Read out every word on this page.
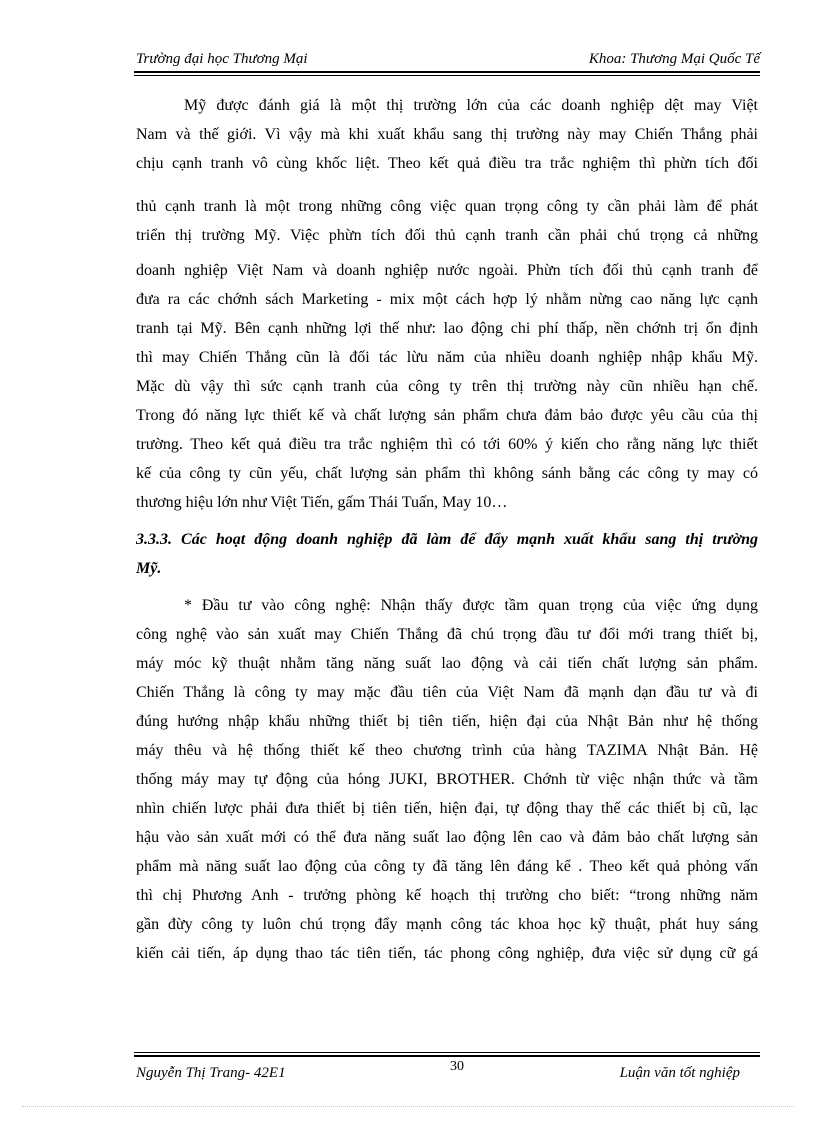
Trường đại học Thương Mại	Khoa: Thương Mại Quốc Tế
Mỹ được đánh giá là một thị trường lớn của các doanh nghiệp dệt may Việt
Nam và thế giới. Vì vậy mà khi xuất khẩu sang thị trường này may Chiến Thắng phải
chịu cạnh tranh vô cùng khốc liệt. Theo kết quả điều tra trắc nghiệm thì phừn tích đối
thủ cạnh tranh là một trong những công việc quan trọng công ty cần phải làm để phát
triển thị trường Mỹ. Việc phừn tích đối thủ cạnh tranh cần phải chú trọng cả những
doanh nghiệp Việt Nam và doanh nghiệp nước ngoài. Phừn tích đối thủ cạnh tranh để
đưa ra các chớnh sách Marketing - mix một cách hợp lý nhằm nừng cao năng lực cạnh
tranh tại Mỹ. Bên cạnh những lợi thế như: lao động chi phí thấp, nền chớnh trị ổn định
thì may Chiến Thắng cũn là đối tác lừu năm của nhiều doanh nghiệp nhập khẩu Mỹ.
Mặc dù vậy thì sức cạnh tranh của công ty trên thị trường này cũn nhiều hạn chế.
Trong đó năng lực thiết kế và chất lượng sản phẩm chưa đảm bảo được yêu cầu của thị
trường. Theo kết quả điều tra trắc nghiệm thì có tới 60% ý kiến cho rằng năng lực thiết
kế của công ty cũn yếu, chất lượng sản phẩm thì không sánh bằng các công ty may có
thương hiệu lớn như Việt Tiến, gấm Thái Tuấn, May 10…
3.3.3. Các hoạt động doanh nghiệp đã làm để đẩy mạnh xuất khẩu sang thị trường
Mỹ.
* Đầu tư vào công nghệ: Nhận thấy được tầm quan trọng của việc ứng dụng
công nghệ vào sản xuất may Chiến Thắng đã chú trọng đầu tư đổi mới trang thiết bị,
máy móc kỹ thuật nhằm tăng năng suất lao động và cải tiến chất lượng sản phẩm.
Chiến Thắng là công ty may mặc đầu tiên của Việt Nam đã mạnh dạn đầu tư và đi
đúng hướng nhập khẩu những thiết bị tiên tiến, hiện đại của Nhật Bản như hệ thống
máy thêu và hệ thống thiết kế theo chương trình của hàng TAZIMA Nhật Bản. Hệ
thống máy may tự động của hóng JUKI, BROTHER. Chớnh từ việc nhận thức và tầm
nhìn chiến lược phải đưa thiết bị tiên tiến, hiện đại, tự động thay thế các thiết bị cũ, lạc
hậu vào sản xuất mới có thể đưa năng suất lao động lên cao và đảm bảo chất lượng sản
phẩm mà năng suất lao động của công ty đã tăng lên đáng kể . Theo kết quả phỏng vấn
thì chị Phương Anh - trưởng phòng kế hoạch thị trường cho biết: “trong những năm
gần đừy công ty luôn chú trọng đẩy mạnh công tác khoa học kỹ thuật, phát huy sáng
kiến cải tiến, áp dụng thao tác tiên tiến, tác phong công nghiệp, đưa việc sử dụng cữ gá
Nguyễn Thị Trang- 42E1	30	Luận văn tốt nghiệp
